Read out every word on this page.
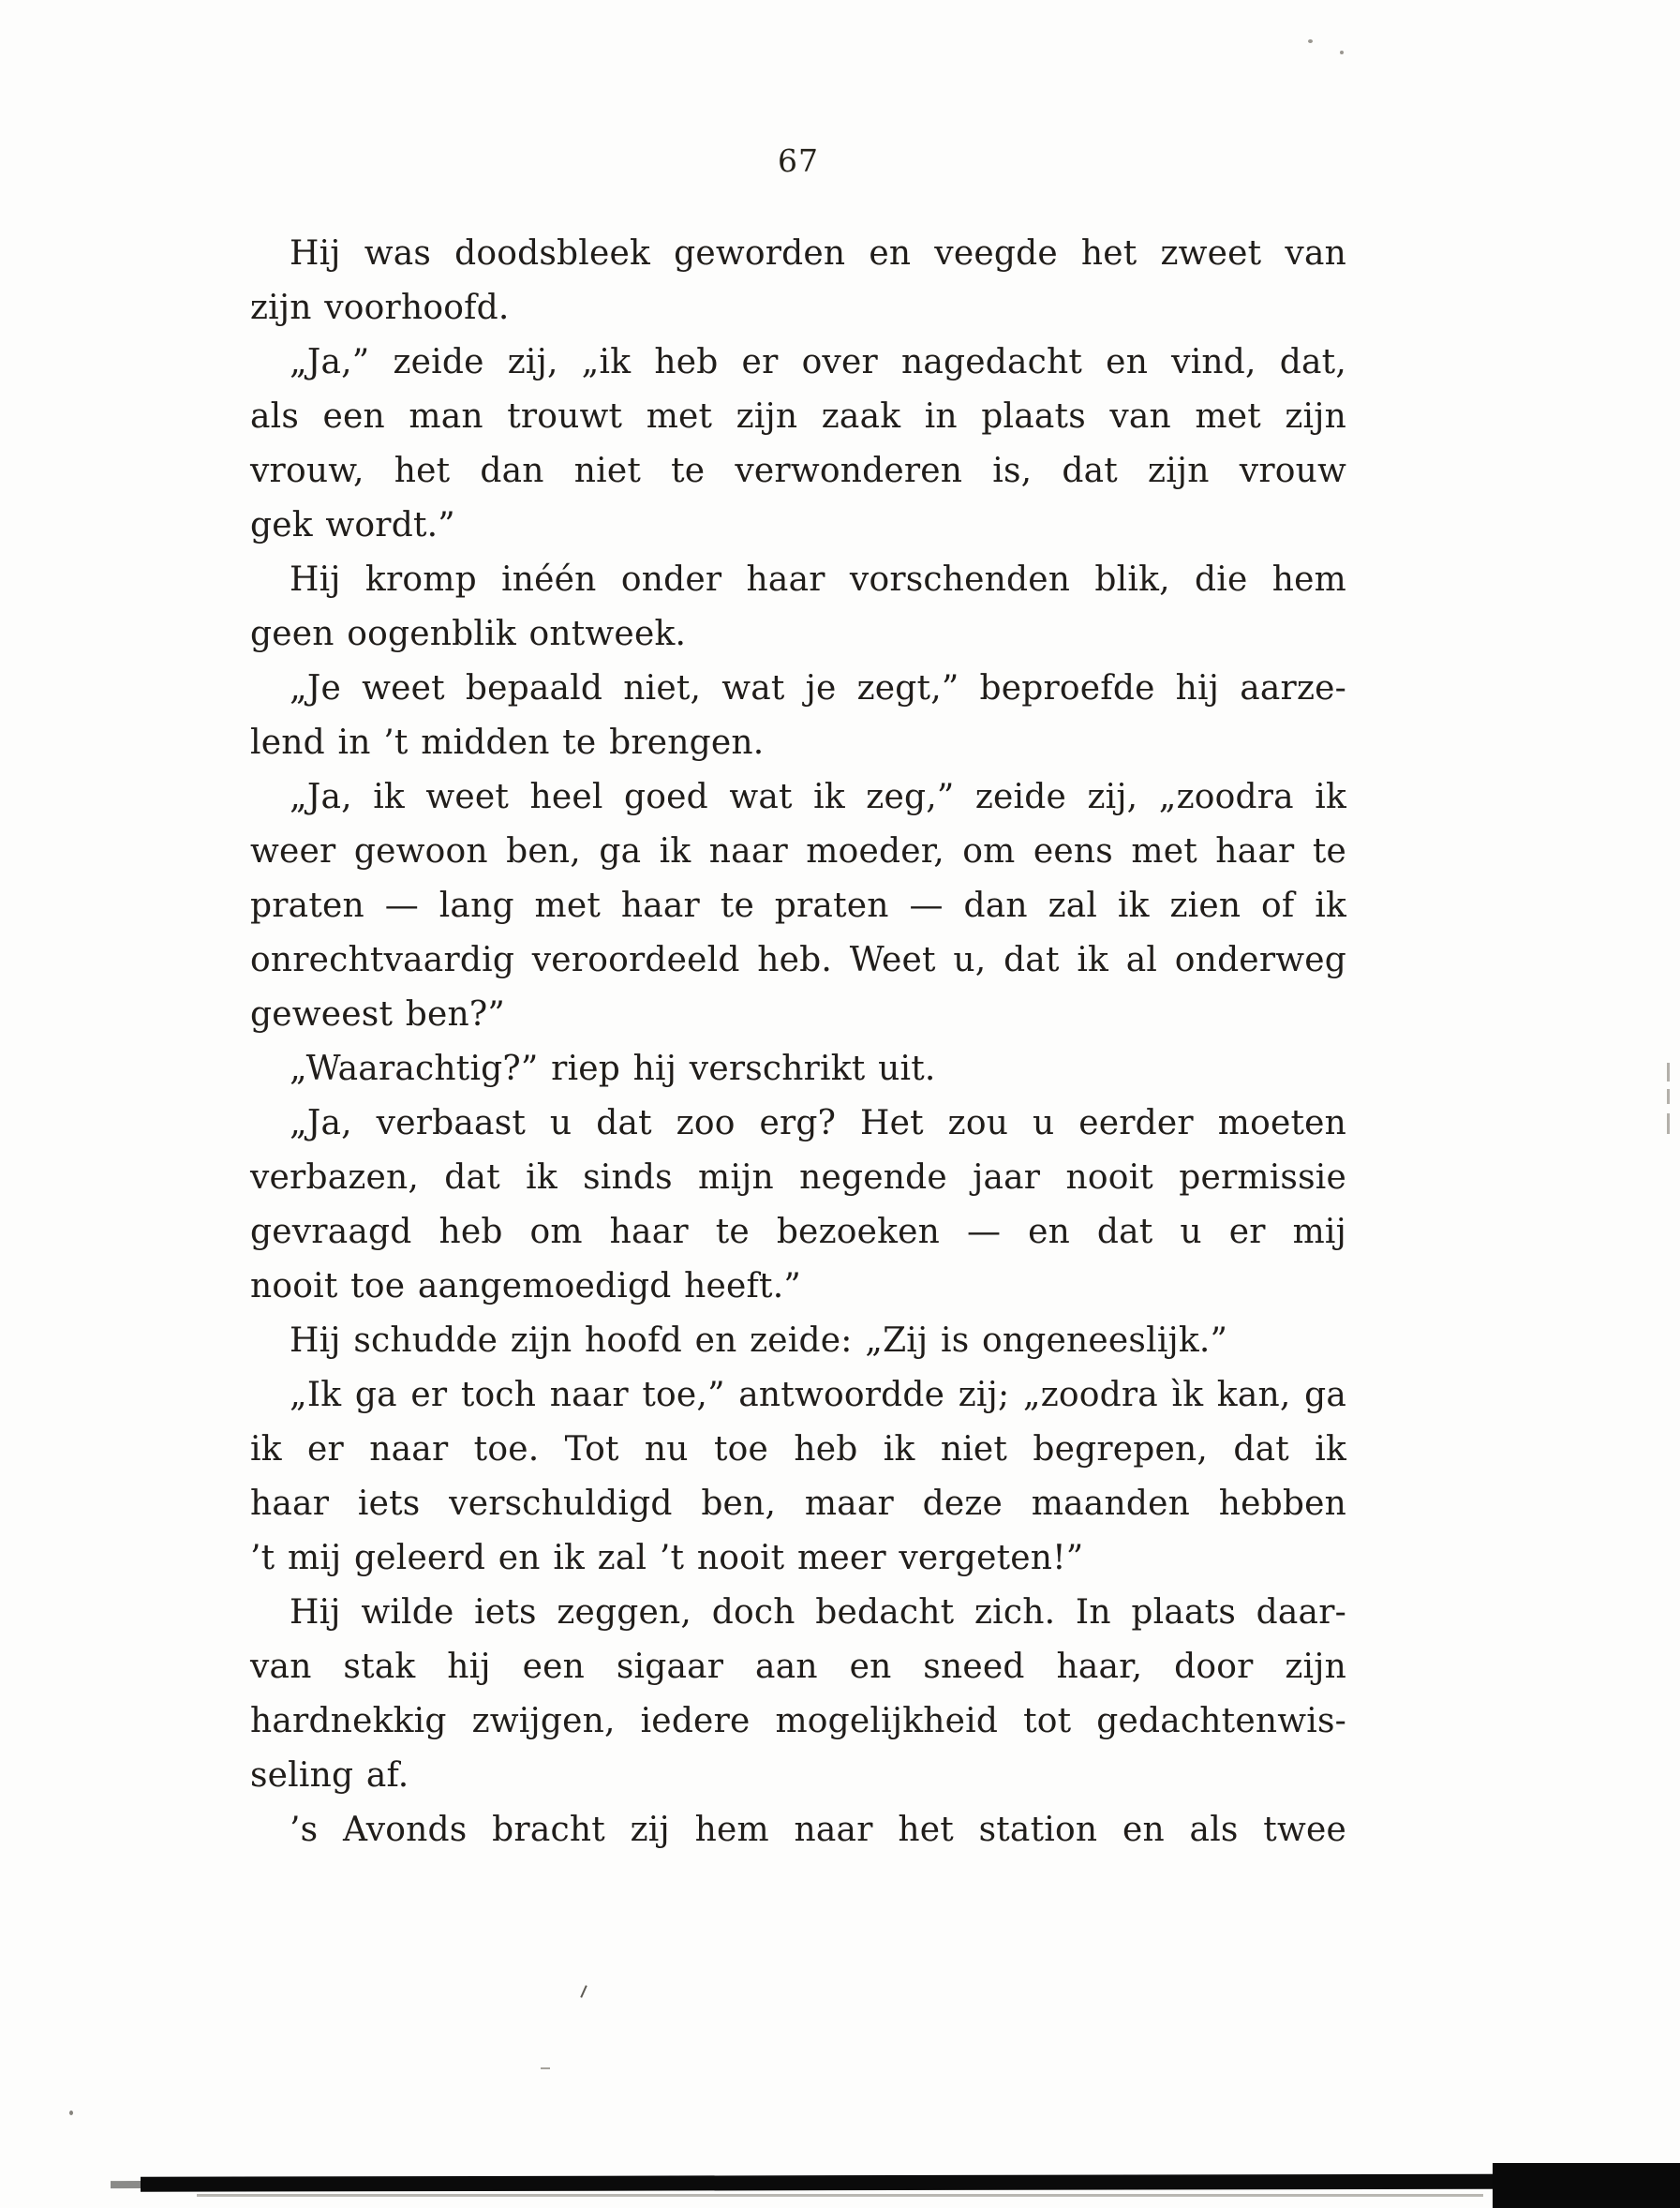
67
Hij was doodsbleek geworden en veegde het zweet van
zijn voorhoofd.
„Ja,” zeide zij, „ik heb er over nagedacht en vind, dat,
als een man trouwt met zijn zaak in plaats van met zijn
vrouw, het dan niet te verwonderen is, dat zijn vrouw
gek wordt.”
Hij kromp inéén onder haar vorschenden blik, die hem
geen oogenblik ontweek.
„Je weet bepaald niet, wat je zegt,” beproefde hij aarze-
lend in ’t midden te brengen.
„Ja, ik weet heel goed wat ik zeg,” zeide zij, „zoodra ik
weer gewoon ben, ga ik naar moeder, om eens met haar te
praten — lang met haar te praten — dan zal ik zien of ik
onrechtvaardig veroordeeld heb. Weet u, dat ik al onderweg
geweest ben?”
„Waarachtig?” riep hij verschrikt uit.
„Ja, verbaast u dat zoo erg? Het zou u eerder moeten
verbazen, dat ik sinds mijn negende jaar nooit permissie
gevraagd heb om haar te bezoeken — en dat u er mij
nooit toe aangemoedigd heeft.”
Hij schudde zijn hoofd en zeide: „Zij is ongeneeslijk.”
„Ik ga er toch naar toe,” antwoordde zij; „zoodra ìk kan, ga
ik er naar toe. Tot nu toe heb ik niet begrepen, dat ik
haar iets verschuldigd ben, maar deze maanden hebben
’t mij geleerd en ik zal ’t nooit meer vergeten!”
Hij wilde iets zeggen, doch bedacht zich. In plaats daar-
van stak hij een sigaar aan en sneed haar, door zijn
hardnekkig zwijgen, iedere mogelijkheid tot gedachtenwis-
seling af.
’s Avonds bracht zij hem naar het station en als twee
